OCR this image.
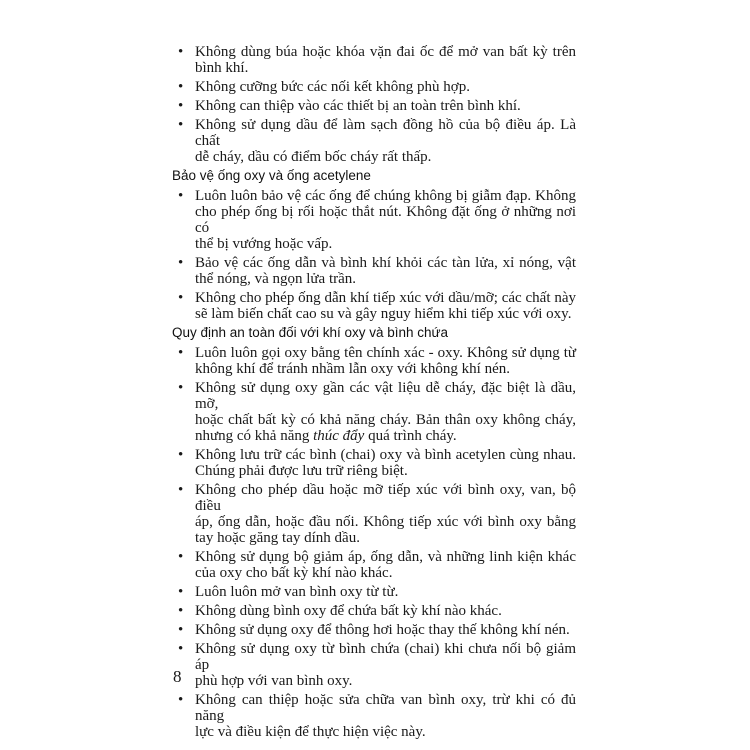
• Không dùng búa hoặc khóa vặn đai ốc để mở van bất kỳ trên
bình khí.
• Không cưỡng bức các nối kết không phù hợp.
• Không can thiệp vào các thiết bị an toàn trên bình khí.
• Không sử dụng dầu để làm sạch đồng hồ của bộ điều áp. Là chất
dễ cháy, dầu có điểm bốc cháy rất thấp.
Bảo vệ ống oxy và ống acetylene
• Luôn luôn bảo vệ các ống để chúng không bị giẫm đạp. Không
cho phép ống bị rối hoặc thắt nút. Không đặt ống ở những nơi có
thể bị vướng hoặc vấp.
• Bảo vệ các ống dẫn và bình khí khỏi các tàn lửa, xỉ nóng, vật
thể nóng, và ngọn lửa trần.
• Không cho phép ống dẫn khí tiếp xúc với dầu/mỡ; các chất này
sẽ làm biến chất cao su và gây nguy hiểm khi tiếp xúc với oxy.
Quy định an toàn đối với khí oxy và bình chứa
• Luôn luôn gọi oxy bằng tên chính xác - oxy. Không sử dụng từ
không khí để tránh nhầm lẫn oxy với không khí nén.
• Không sử dụng oxy gần các vật liệu dễ cháy, đặc biệt là dầu, mỡ,
hoặc chất bất kỳ có khả năng cháy. Bản thân oxy không cháy,
nhưng có khả năng thúc đẩy quá trình cháy.
• Không lưu trữ các bình (chai) oxy và bình acetylen cùng nhau.
Chúng phải được lưu trữ riêng biệt.
• Không cho phép dầu hoặc mỡ tiếp xúc với bình oxy, van, bộ điều
áp, ống dẫn, hoặc đầu nối. Không tiếp xúc với bình oxy bằng
tay hoặc găng tay dính dầu.
• Không sử dụng bộ giảm áp, ống dẫn, và những linh kiện khác
của oxy cho bất kỳ khí nào khác.
• Luôn luôn mở van bình oxy từ từ.
• Không dùng bình oxy để chứa bất kỳ khí nào khác.
• Không sử dụng oxy để thông hơi hoặc thay thế không khí nén.
• Không sử dụng oxy từ bình chứa (chai) khi chưa nối bộ giảm áp
phù hợp với van bình oxy.
• Không can thiệp hoặc sửa chữa van bình oxy, trừ khi có đủ năng
lực và điều kiện để thực hiện việc này.
8
